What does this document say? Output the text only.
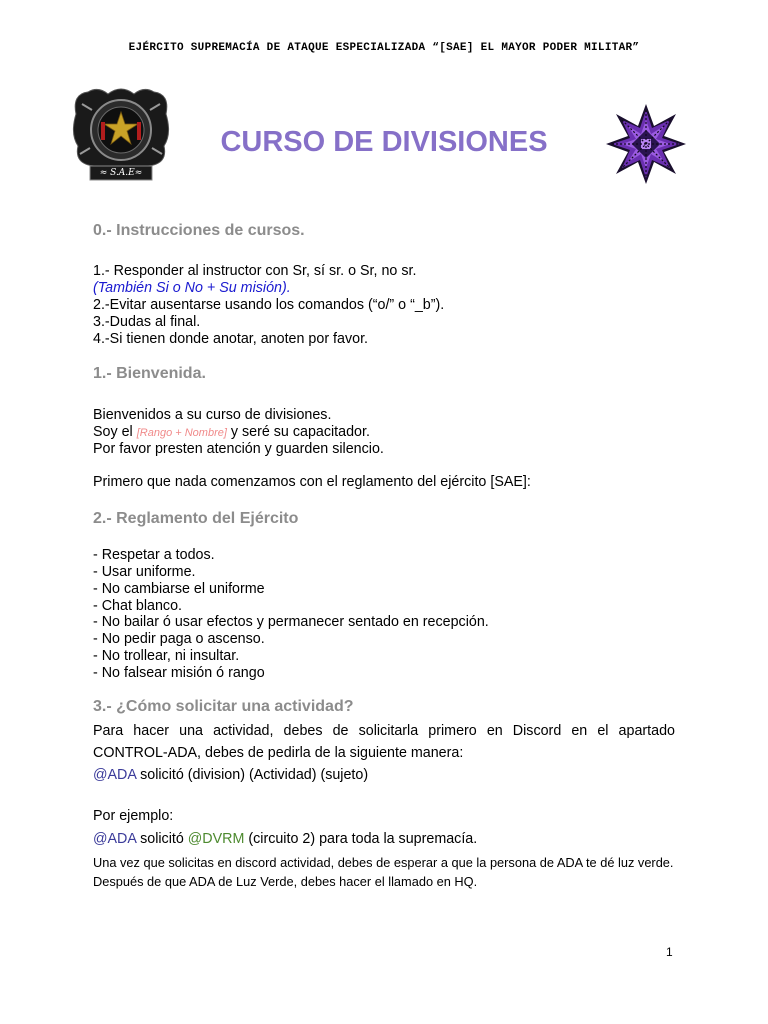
EJÉRCITO SUPREMACÍA DE ATAQUE ESPECIALIZADA “[SAE] EL MAYOR PODER MILITAR”
≈ S.A.E≈
CURSO DE DIVISIONES
0.- Instrucciones de cursos.
1.- Responder al instructor con Sr, sí sr. o Sr, no sr.
(También Si o No + Su misión).
2.-Evitar ausentarse usando los comandos (“o/” o “_b”).
3.-Dudas al final.
4.-Si tienen donde anotar, anoten por favor.
1.- Bienvenida.
Bienvenidos a su curso de divisiones.
Soy el [Rango + Nombre] y seré su capacitador.
Por favor presten atención y guarden silencio.
Primero que nada comenzamos con el reglamento del ejército [SAE]:
2.- Reglamento del Ejército
- Respetar a todos.
- Usar uniforme.
- No cambiarse el uniforme
- Chat blanco.
- No bailar ó usar efectos y permanecer sentado en recepción.
- No pedir paga o ascenso.
- No trollear, ni insultar.
- No falsear misión ó rango
3.- ¿Cómo solicitar una actividad?
Para hacer una actividad, debes de solicitarla primero en Discord en el apartado CONTROL-ADA, debes de pedirla de la siguiente manera:
@ADA solicitó (division) (Actividad) (sujeto)
Por ejemplo:
@ADA solicitó @DVRM (circuito 2) para toda la supremacía.
Una vez que solicitas en discord actividad, debes de esperar a que la persona de ADA te dé luz verde. Después de que ADA de Luz Verde, debes hacer el llamado en HQ.
1
